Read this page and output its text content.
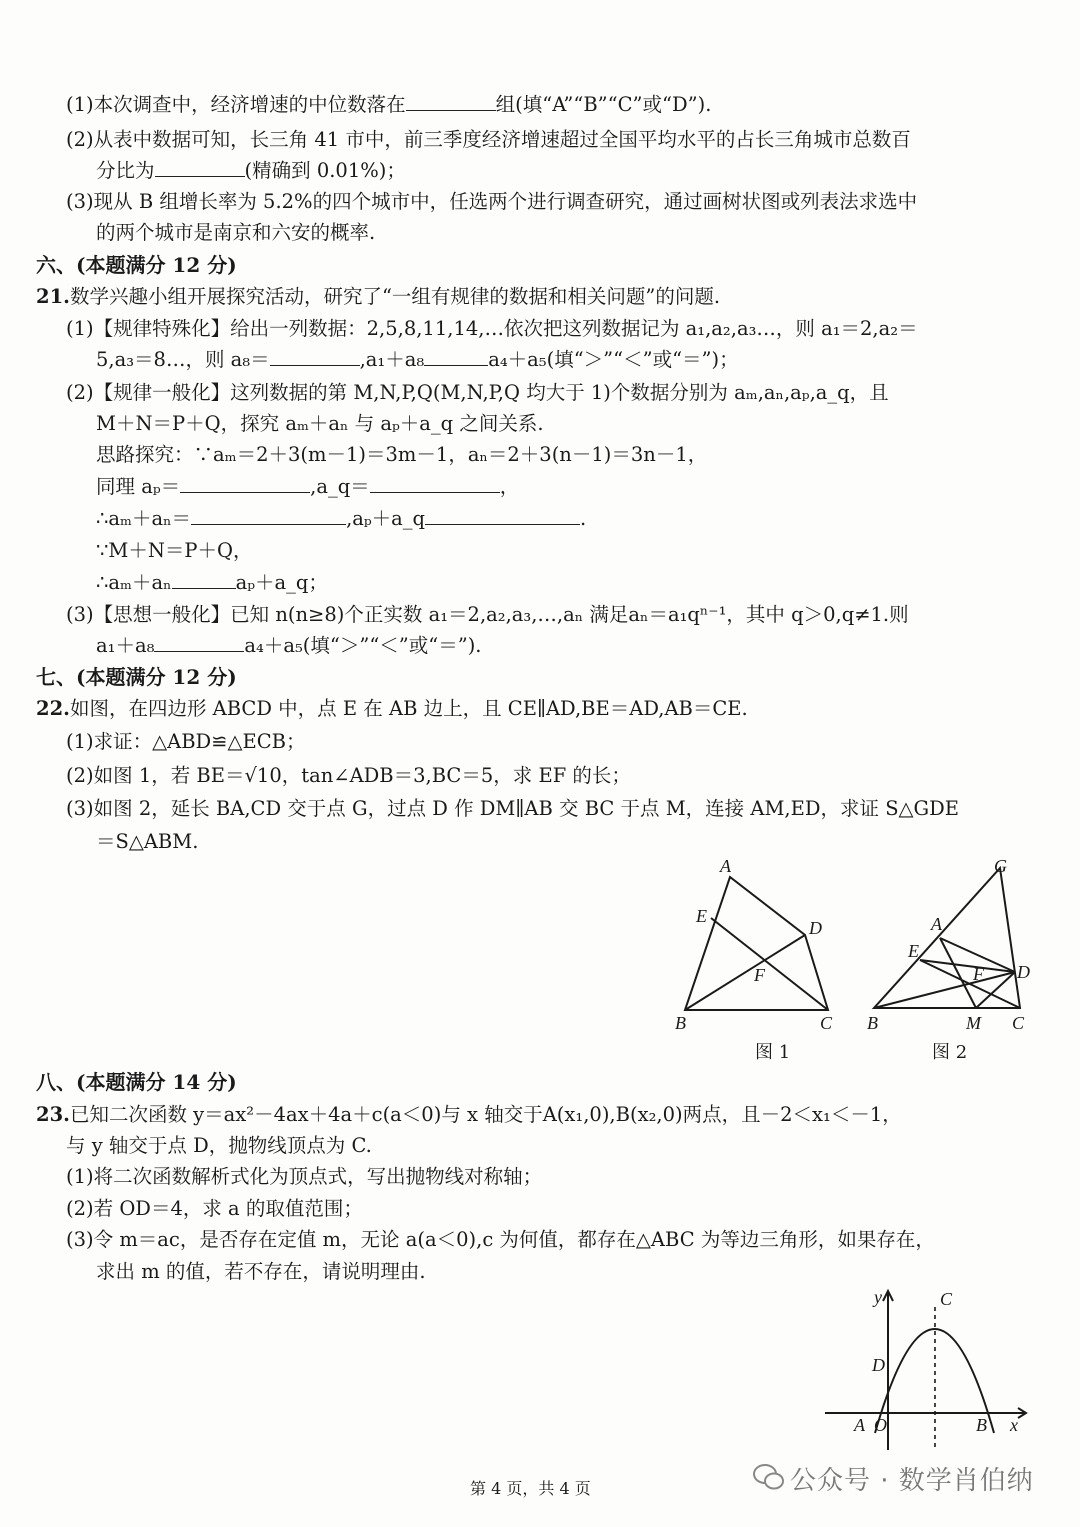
(1)本次调查中，经济增速的中位数落在	组(填“A”“B”“C”或“D”).
(2)从表中数据可知，长三角 41 市中，前三季度经济增速超过全国平均水平的占长三角城市总数百
分比为	(精确到 0.01%)；
(3)现从 B 组增长率为 5.2%的四个城市中，任选两个进行调查研究，通过画树状图或列表法求选中
的两个城市是南京和六安的概率.
六、(本题满分 12 分)
21.数学兴趣小组开展探究活动，研究了“一组有规律的数据和相关问题”的问题.
(1)【规律特殊化】给出一列数据：2,5,8,11,14,…依次把这列数据记为 a₁,a₂,a₃…，则 a₁＝2,a₂＝
5,a₃＝8…，则 a₈＝	,a₁＋a₈	a₄＋a₅(填“＞”“＜”或“＝”)；
(2)【规律一般化】这列数据的第 M,N,P,Q(M,N,P,Q 均大于 1)个数据分别为 aₘ,aₙ,aₚ,a_q，且
M＋N＝P＋Q，探究 aₘ＋aₙ 与 aₚ＋a_q 之间关系.
思路探究：∵aₘ＝2＋3(m－1)＝3m－1，aₙ＝2＋3(n－1)＝3n－1，
同理 aₚ＝	,a_q＝	，
∴aₘ＋aₙ＝	,aₚ＋a_q	.
∵M＋N＝P＋Q，
∴aₘ＋aₙ	aₚ＋a_q；
(3)【思想一般化】已知 n(n≥8)个正实数 a₁＝2,a₂,a₃,…,aₙ 满足aₙ＝a₁qⁿ⁻¹，其中 q＞0,q≠1.则
a₁＋a₈	a₄＋a₅(填“＞”“＜”或“＝”).
七、(本题满分 12 分)
22.如图，在四边形 ABCD 中，点 E 在 AB 边上，且 CE∥AD,BE＝AD,AB＝CE.
(1)求证：△ABD≌△ECB；
(2)如图 1，若 BE＝√10，tan∠ADB＝3,BC＝5，求 EF 的长；
(3)如图 2，延长 BA,CD 交于点 G，过点 D 作 DM∥AB 交 BC 于点 M，连接 AM,ED，求证 S△GDE
＝S△ABM.
A
E
D
F
B	C
图 1
G
A
E
F D
B	M C
图 2
八、(本题满分 14 分)
23.已知二次函数 y＝ax²－4ax＋4a＋c(a＜0)与 x 轴交于A(x₁,0),B(x₂,0)两点，且－2＜x₁＜－1，
与 y 轴交于点 D，抛物线顶点为 C.
(1)将二次函数解析式化为顶点式，写出抛物线对称轴；
(2)若 OD＝4，求 a 的取值范围；
(3)令 m＝ac，是否存在定值 m，无论 a(a＜0),c 为何值，都存在△ABC 为等边三角形，如果存在，
求出 m 的值，若不存在，请说明理由.
y	C
D
A O	B x
第 4 页，共 4 页	公众号 · 数学肖伯纳
